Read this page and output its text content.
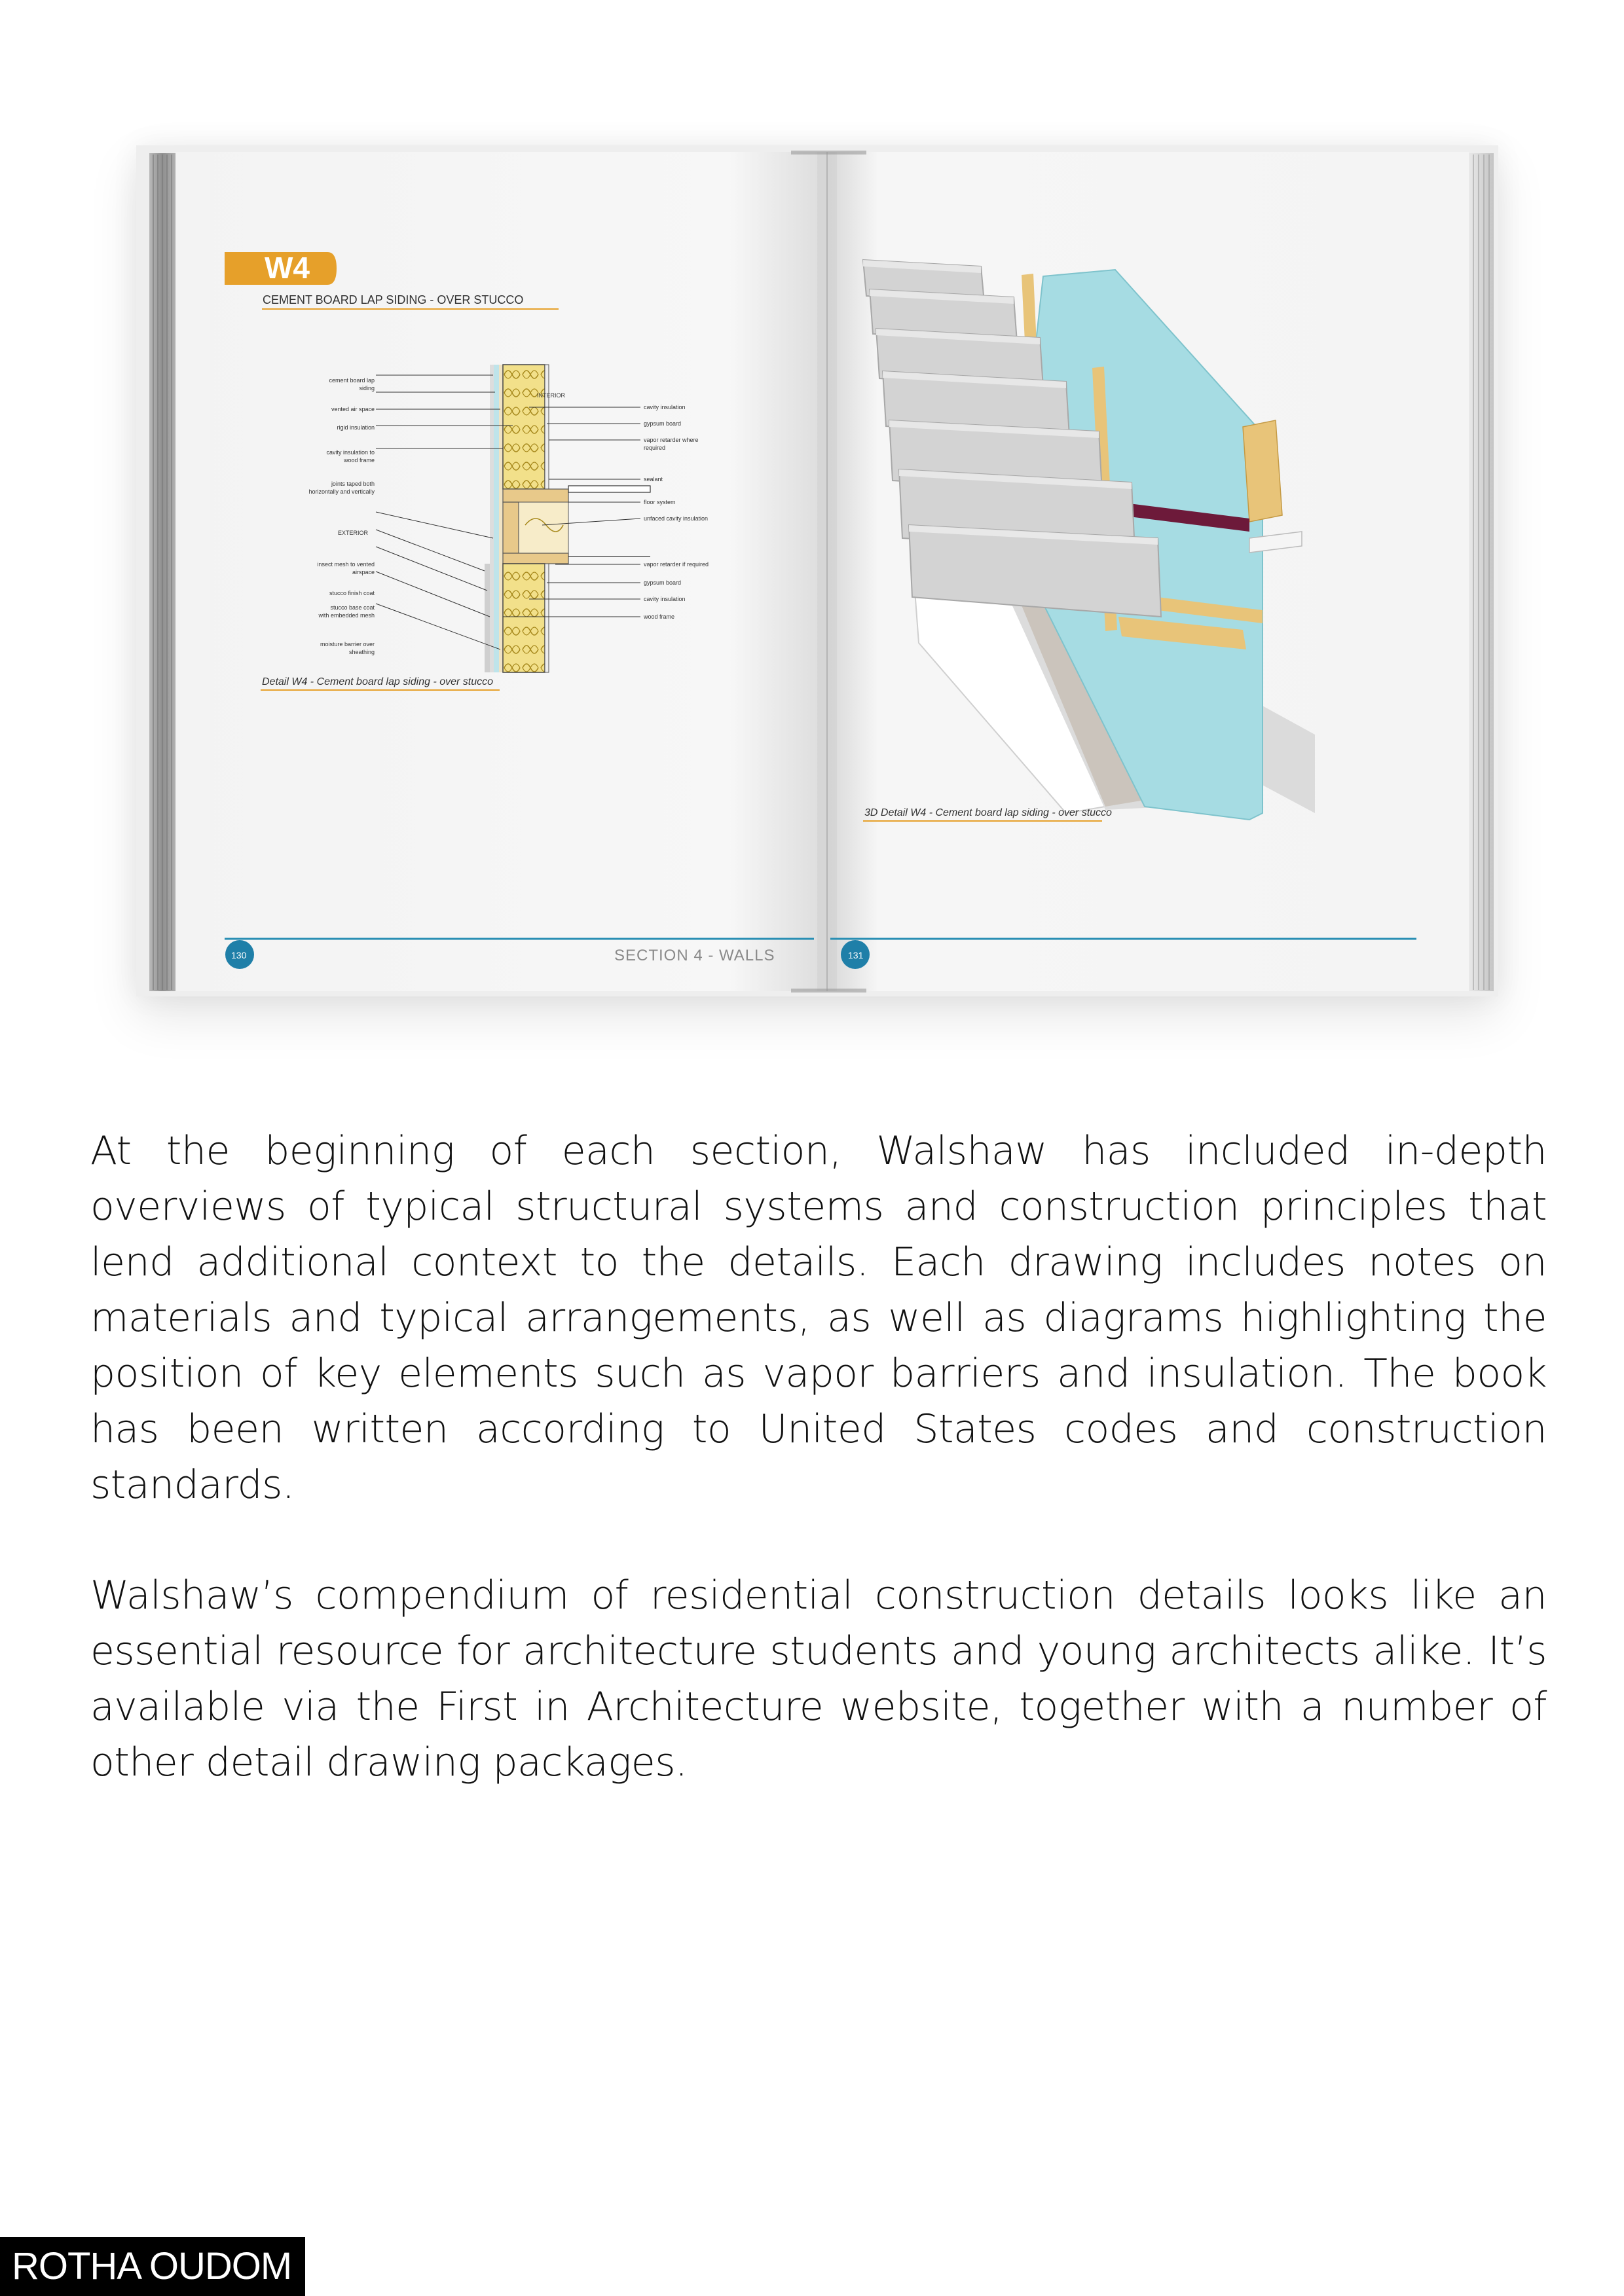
W4
CEMENT BOARD LAP SIDING - OVER STUCCO
cement board lap
siding
vented air space
rigid insulation
cavity insulation to
wood frame
joints taped both
horizontally and vertically
EXTERIOR
insect mesh to vented
airspace
stucco finish coat
stucco base coat
with embedded mesh
moisture barrier over
sheathing
INTERIOR
cavity insulation
gypsum board
vapor retarder where
required
sealant
floor system
unfaced cavity insulation
vapor retarder if required
gypsum board
cavity insulation
wood frame
Detail W4 - Cement board lap siding - over stucco
3D Detail W4 - Cement board lap siding - over stucco
130	SECTION 4 - WALLS	131

At the beginning of each section, Walshaw has included in-depth overviews of typical structural systems and construction principles that lend additional context to the details. Each drawing includes notes on materials and typical arrangements, as well as diagrams highlighting the position of key elements such as vapor barriers and insulation. The book has been written according to United States codes and construction standards.

Walshaw’s compendium of residential construction details looks like an essential resource for architecture students and young architects alike. It’s available via the First in Architecture website, together with a number of other detail drawing packages.

ROTHA OUDOM
